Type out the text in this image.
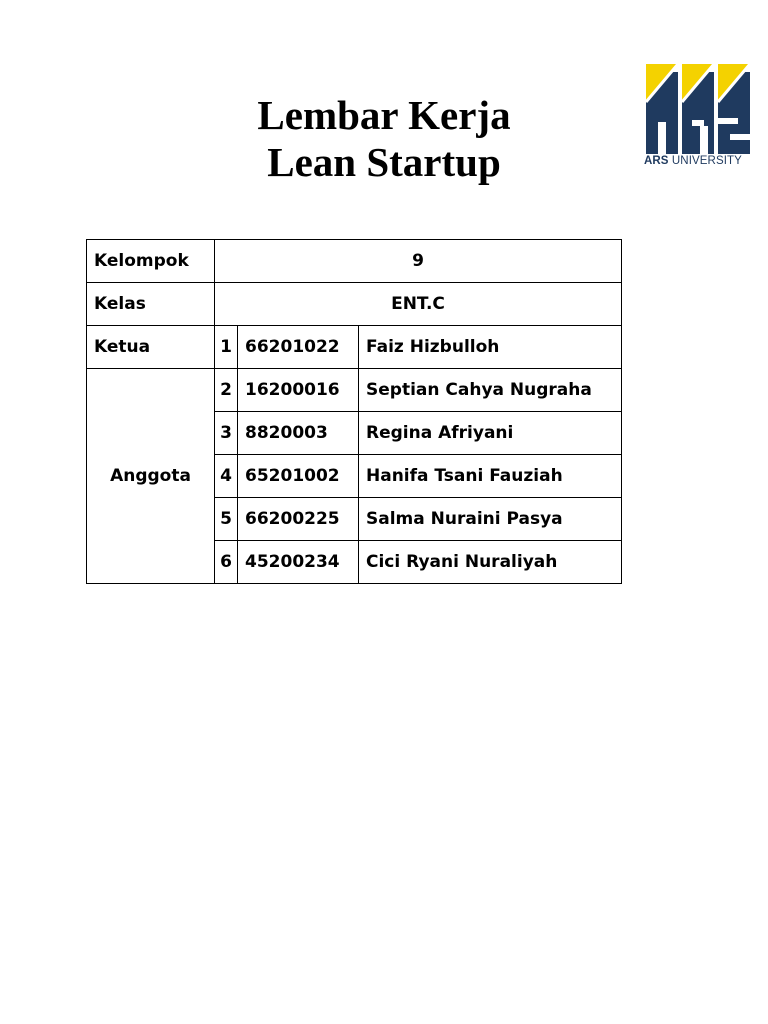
Lembar Kerja
Lean Startup	ARS UNIVERSITY
Kelompok	9		
Kelas	ENT.C		
Ketua	1	66201022	Faiz Hizbulloh
Anggota	2	16200016	Septian Cahya Nugraha
	3	8820003	Regina Afriyani
	4	65201002	Hanifa Tsani Fauziah
	5	66200225	Salma Nuraini Pasya
	6	45200234	Cici Ryani Nuraliyah
